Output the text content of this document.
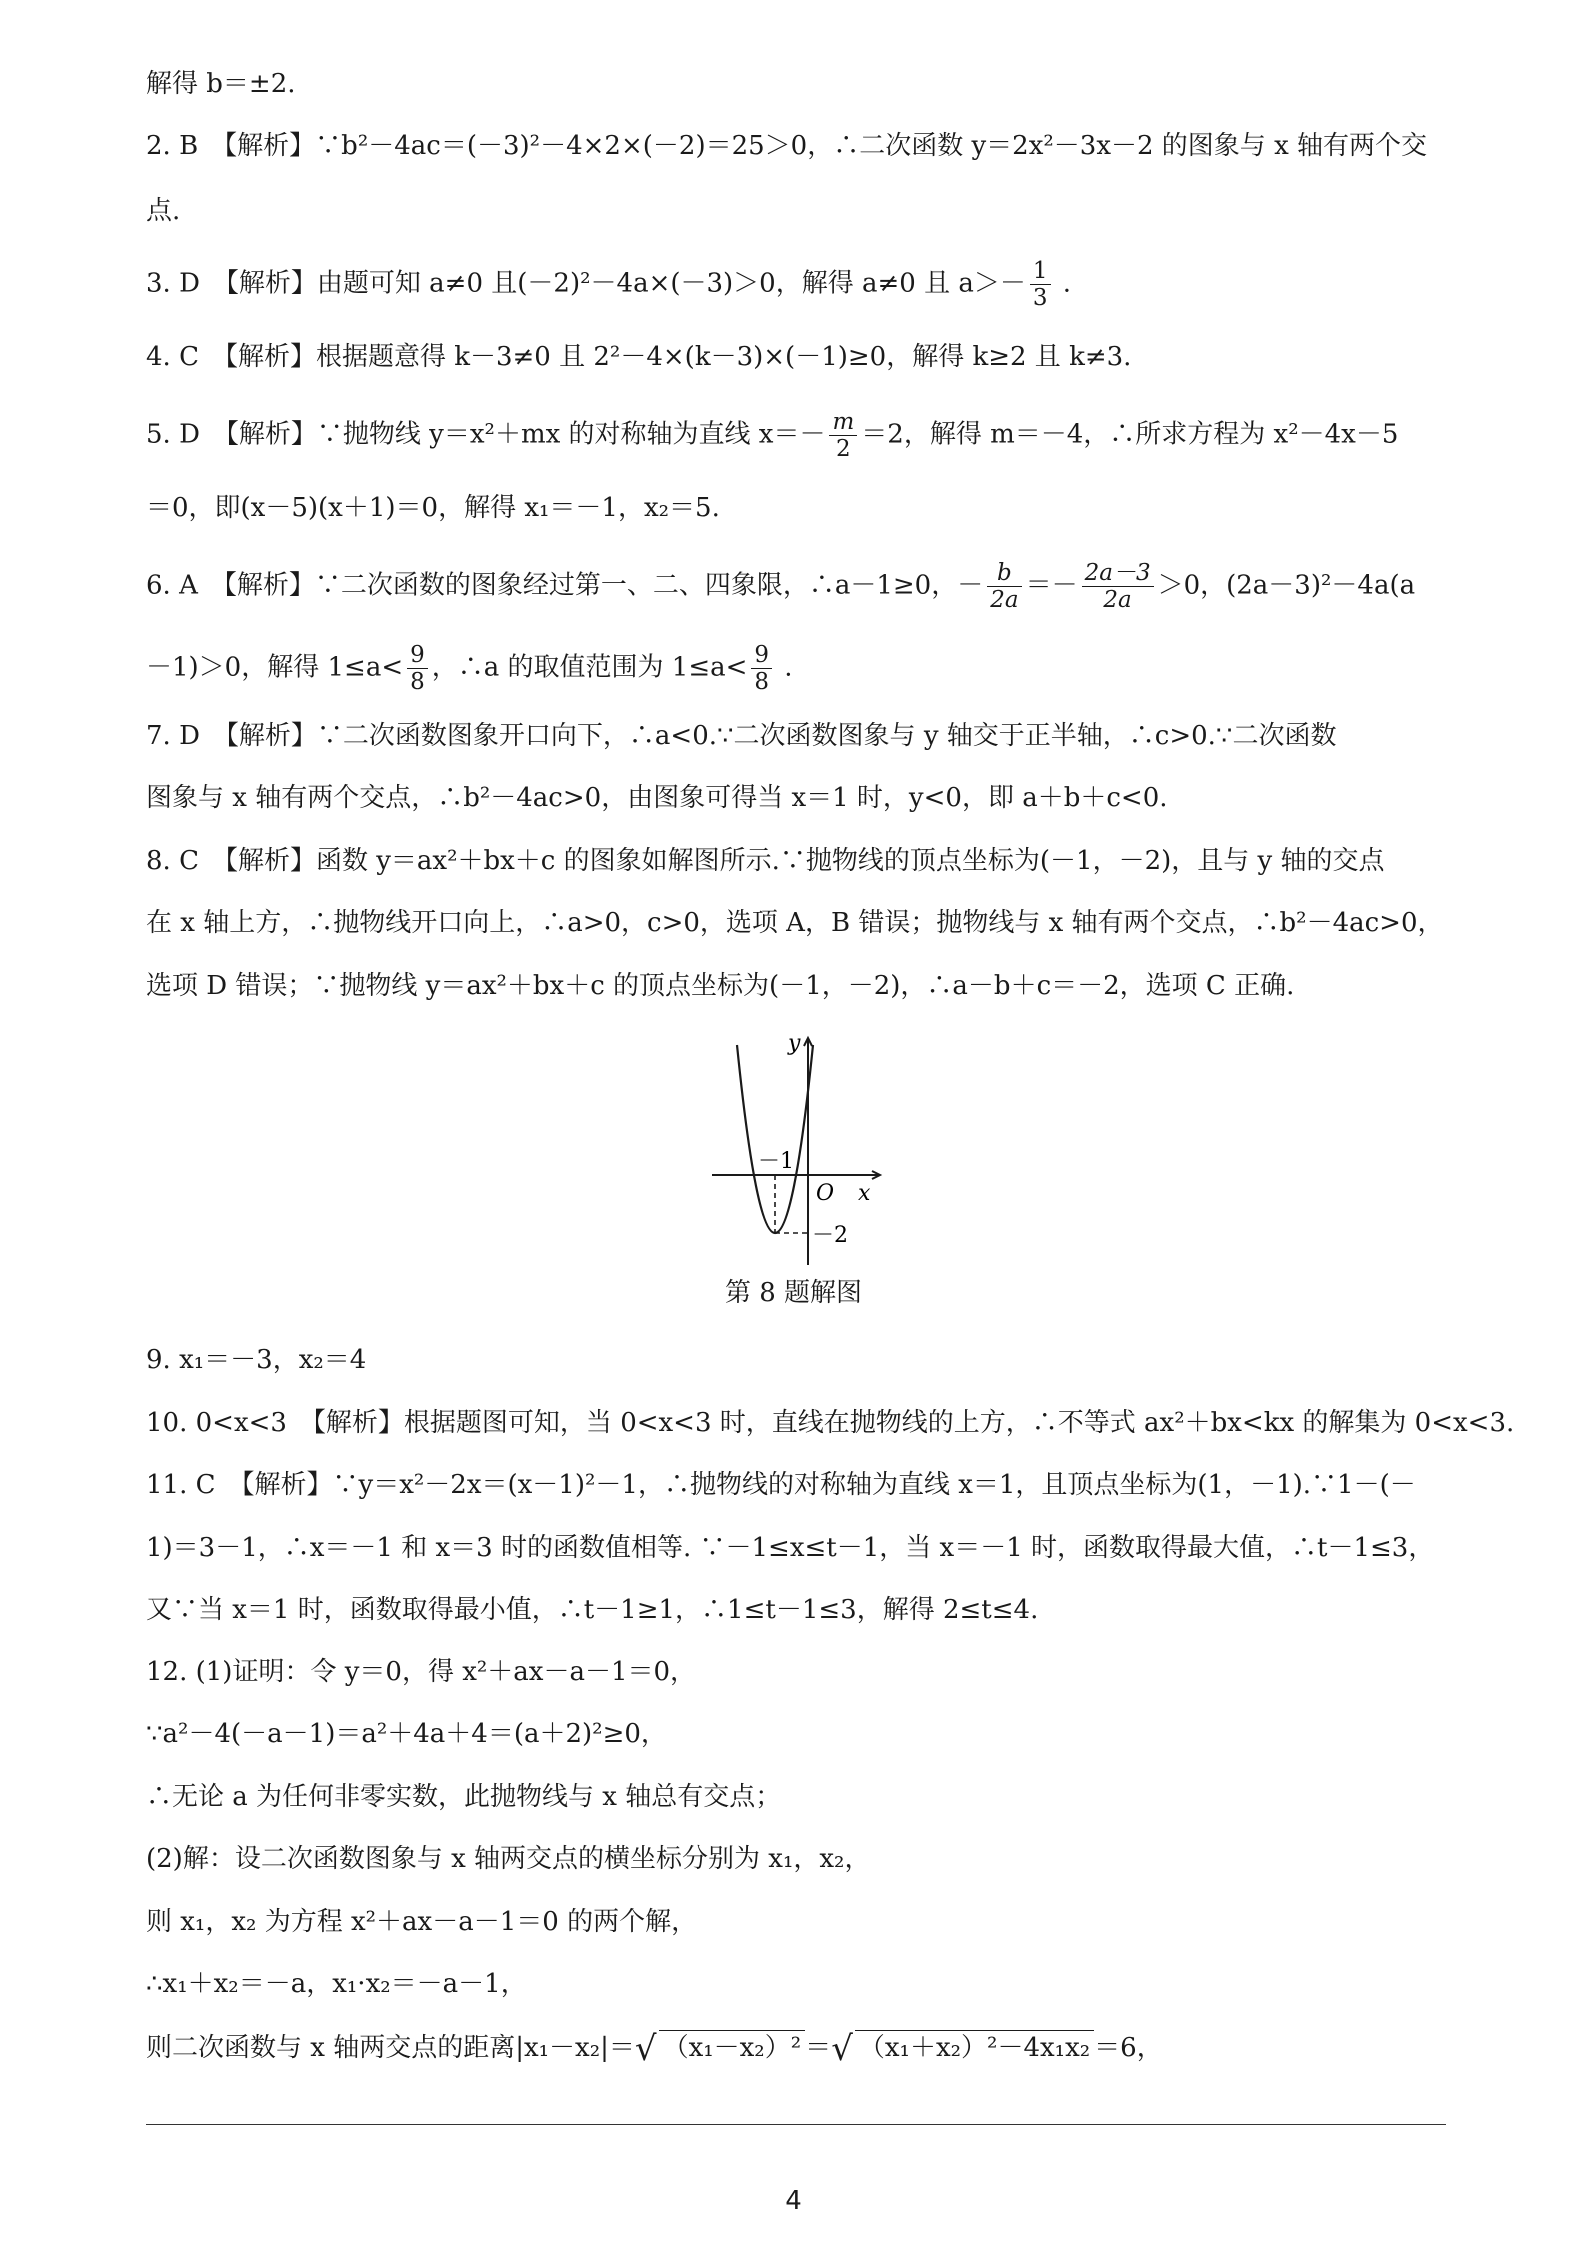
解得 b＝±2.
2. B　【解析】∵b²－4ac＝(－3)²－4×2×(－2)＝25＞0，∴二次函数 y＝2x²－3x－2 的图象与 x 轴有两个交
点.
3. D　【解析】由题可知 a≠0 且(－2)²－4a×(－3)＞0，解得 a≠0 且 $a>- \frac{1}{3}$ .
4. C　【解析】根据题意得 k－3≠0 且 2²－4×(k－3)×(－1)≥0，解得 k≥2 且 k≠3.
5. D　【解析】∵抛物线 y＝x²＋mx 的对称轴为直线 $x=- \frac{m}{2} =2$，解得 m＝－4，∴所求方程为 x²－4x－5
＝0，即(x－5)(x＋1)＝0，解得 x₁＝－1，x₂＝5.
6. A　【解析】∵二次函数的图象经过第一、二、四象限，∴a－1≥0，－ $\frac{b}{2a} =- \frac{2a-3}{2a} >0$，(2a－3)²－4a(a
－1)＞0，解得 $1\le a< \frac{9}{8}$ ，∴a 的取值范围为 $1\le a< \frac{9}{8}$ .
7. D　【解析】∵二次函数图象开口向下，∴a<0.∵二次函数图象与 y 轴交于正半轴，∴c>0.∵二次函数
图象与 x 轴有两个交点，∴b²－4ac>0，由图象可得当 x＝1 时，y<0，即 a＋b＋c<0.
8. C　【解析】函数 y＝ax²＋bx＋c 的图象如解图所示.∵抛物线的顶点坐标为(－1，－2)，且与 y 轴的交点
在 x 轴上方，∴抛物线开口向上，∴a>0，c>0，选项 A，B 错误；抛物线与 x 轴有两个交点，∴b²－4ac>0，
选项 D 错误；∵抛物线 y＝ax²＋bx＋c 的顶点坐标为(－1，－2)，∴a－b＋c＝－2，选项 C 正确.
y
x
O
－1
－2
第 8 题解图
9. x₁＝－3，x₂＝4
10. 0<x<3　【解析】根据题图可知，当 0<x<3 时，直线在抛物线的上方，∴不等式 ax²＋bx<kx 的解集为 0<x<3.
11. C　【解析】∵y＝x²－2x＝(x－1)²－1，∴抛物线的对称轴为直线 x＝1，且顶点坐标为(1，－1).∵1－(－
1)＝3－1，∴x＝－1 和 x＝3 时的函数值相等. ∵－1≤x≤t－1，当 x＝－1 时，函数取得最大值，∴t－1≤3，
又∵当 x＝1 时，函数取得最小值，∴t－1≥1，∴1≤t－1≤3，解得 2≤t≤4.
12. (1)证明：令 y＝0，得 x²＋ax－a－1＝0，
∵a²－4(－a－1)＝a²＋4a＋4＝(a＋2)²≥0，
∴无论 a 为任何非零实数，此抛物线与 x 轴总有交点；
(2)解：设二次函数图象与 x 轴两交点的横坐标分别为 x₁，x₂，
则 x₁，x₂ 为方程 x²＋ax－a－1＝0 的两个解，
∴x₁＋x₂＝－a，x₁·x₂＝－a－1，
则二次函数与 x 轴两交点的距离|x₁－x₂|＝√ （x₁－x₂）² ＝√ （x₁＋x₂）²－4x₁x₂ ＝6，
4
